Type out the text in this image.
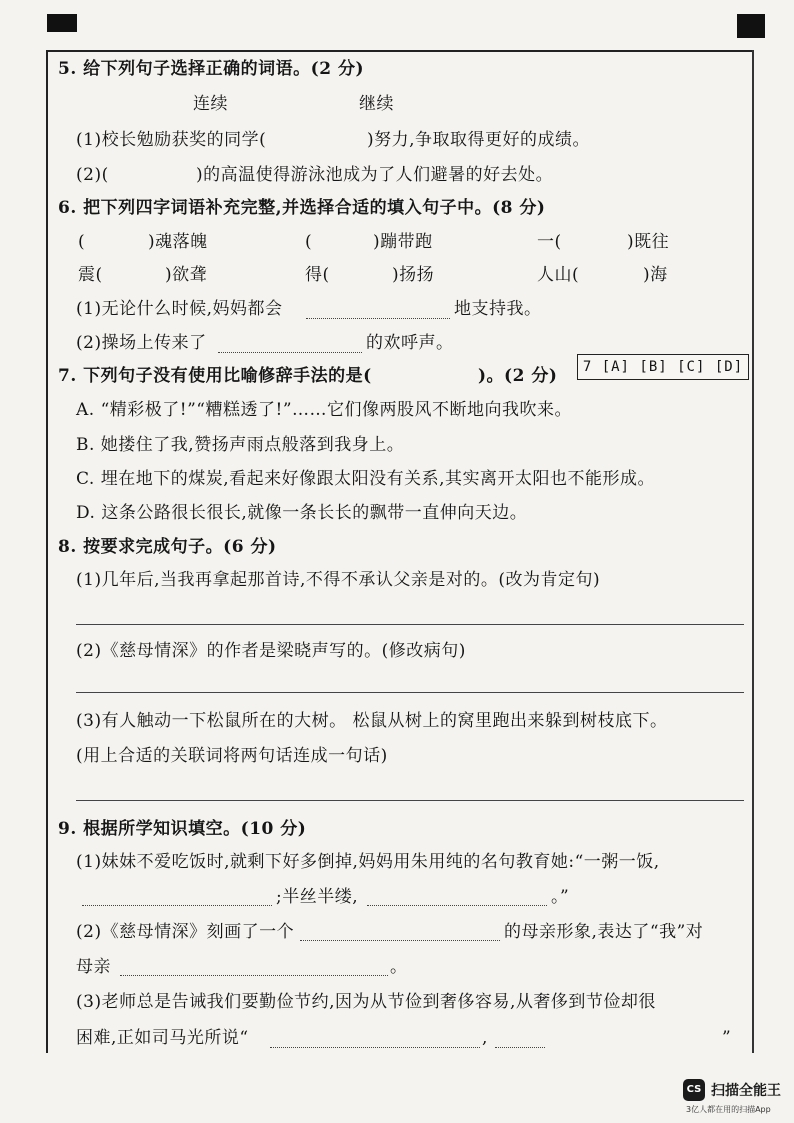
5. 给下列句子选择正确的词语。(2 分)
连续	继续
(1)校长勉励获奖的同学(	)努力,争取取得更好的成绩。
(2)(	)的高温使得游泳池成为了人们避暑的好去处。
6. 把下列四字词语补充完整,并选择合适的填入句子中。(8 分)
(	)魂落魄	(	)蹦带跑	一(	)既往
震(	)欲聋	得(	)扬扬	人山(	)海
(1)无论什么时候,妈妈都会	地支持我。
(2)操场上传来了	的欢呼声。
7. 下列句子没有使用比喻修辞手法的是(	)。(2 分)	7 [A] [B] [C] [D]
A. “精彩极了!”“糟糕透了!”……它们像两股风不断地向我吹来。
B. 她搂住了我,赞扬声雨点般落到我身上。
C. 埋在地下的煤炭,看起来好像跟太阳没有关系,其实离开太阳也不能形成。
D. 这条公路很长很长,就像一条长长的飘带一直伸向天边。
8. 按要求完成句子。(6 分)
(1)几年后,当我再拿起那首诗,不得不承认父亲是对的。(改为肯定句)
(2)《慈母情深》的作者是梁晓声写的。(修改病句)
(3)有人触动一下松鼠所在的大树。 松鼠从树上的窝里跑出来躲到树枝底下。
(用上合适的关联词将两句话连成一句话)
9. 根据所学知识填空。(10 分)
(1)妹妹不爱吃饭时,就剩下好多倒掉,妈妈用朱用纯的名句教育她:“一粥一饭,
;半丝半缕,	。”
(2)《慈母情深》刻画了一个	的母亲形象,表达了“我”对
母亲	。
(3)老师总是告诫我们要勤俭节约,因为从节俭到奢侈容易,从奢侈到节俭却很
困难,正如司马光所说“	,	”
CS 扫描全能王
3亿人都在用的扫描App
